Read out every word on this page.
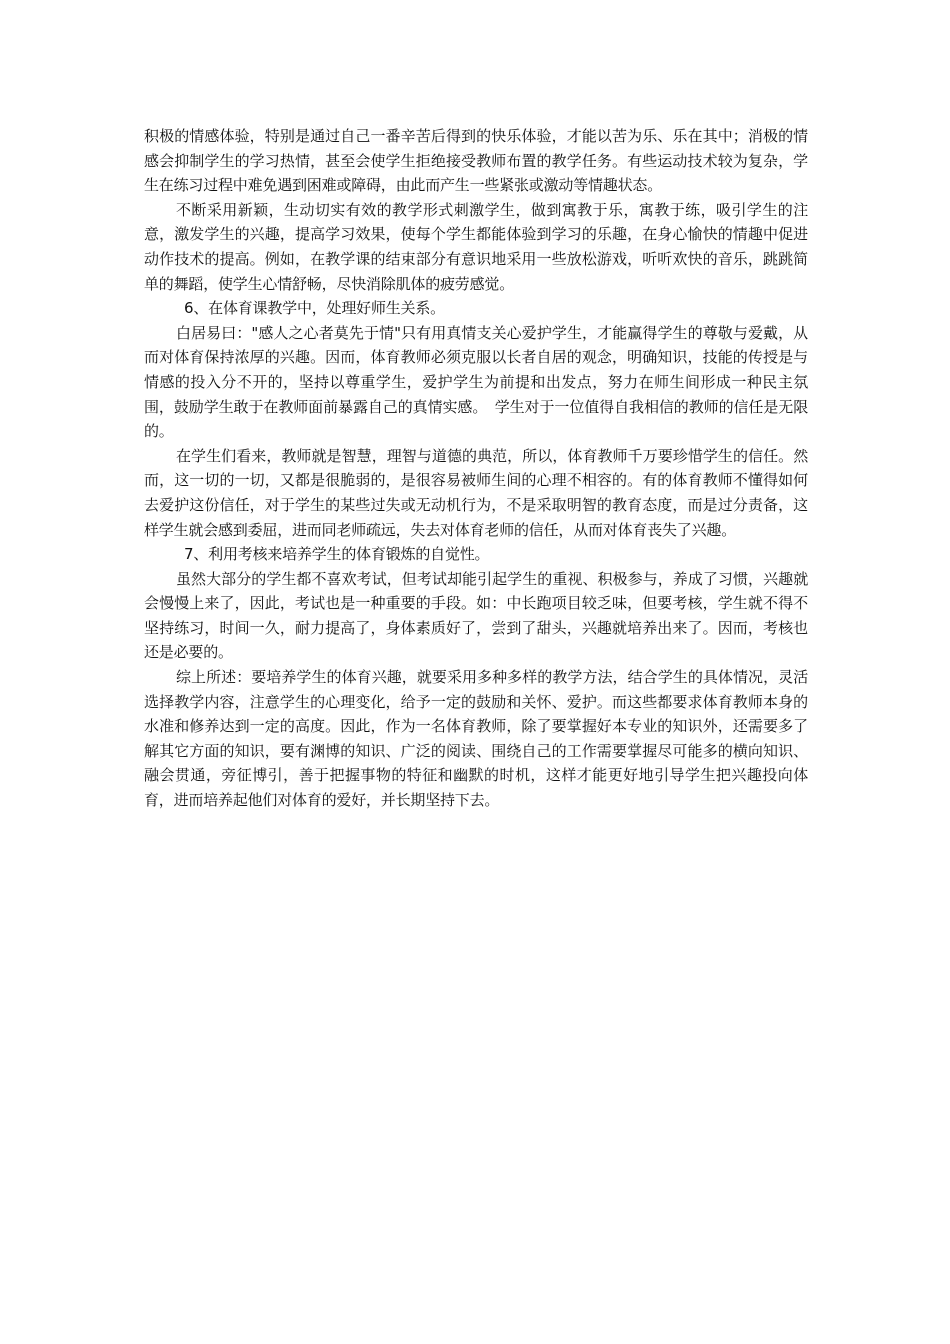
积极的情感体验，特别是通过自己一番辛苦后得到的快乐体验，才能以苦为乐、乐在其中；消极的情感会抑制学生的学习热情，甚至会使学生拒绝接受教师布置的教学任务。有些运动技术较为复杂，学生在练习过程中难免遇到困难或障碍，由此而产生一些紧张或激动等情趣状态。

不断采用新颖，生动切实有效的教学形式刺激学生，做到寓教于乐，寓教于练，吸引学生的注意，激发学生的兴趣，提高学习效果，使每个学生都能体验到学习的乐趣，在身心愉快的情趣中促进动作技术的提高。例如，在教学课的结束部分有意识地采用一些放松游戏，听听欢快的音乐，跳跳简单的舞蹈，使学生心情舒畅，尽快消除肌体的疲劳感觉。

6、在体育课教学中，处理好师生关系。

白居易曰："感人之心者莫先于情"只有用真情支关心爱护学生，才能赢得学生的尊敬与爱戴，从而对体育保持浓厚的兴趣。因而，体育教师必须克服以长者自居的观念，明确知识，技能的传授是与情感的投入分不开的，坚持以尊重学生，爱护学生为前提和出发点，努力在师生间形成一种民主氛围，鼓励学生敢于在教师面前暴露自己的真情实感。　学生对于一位值得自我相信的教师的信任是无限的。

在学生们看来，教师就是智慧，理智与道德的典范，所以，体育教师千万要珍惜学生的信任。然而，这一切的一切，又都是很脆弱的，是很容易被师生间的心理不相容的。有的体育教师不懂得如何去爱护这份信任，对于学生的某些过失或无动机行为，不是采取明智的教育态度，而是过分责备，这样学生就会感到委屈，进而同老师疏远，失去对体育老师的信任，从而对体育丧失了兴趣。

7、利用考核来培养学生的体育锻炼的自觉性。

虽然大部分的学生都不喜欢考试，但考试却能引起学生的重视、积极参与，养成了习惯，兴趣就会慢慢上来了，因此，考试也是一种重要的手段。如：中长跑项目较乏味，但要考核，学生就不得不坚持练习，时间一久，耐力提高了，身体素质好了，尝到了甜头，兴趣就培养出来了。因而，考核也还是必要的。

综上所述：要培养学生的体育兴趣，就要采用多种多样的教学方法，结合学生的具体情况，灵活选择教学内容，注意学生的心理变化，给予一定的鼓励和关怀、爱护。而这些都要求体育教师本身的水准和修养达到一定的高度。因此，作为一名体育教师，除了要掌握好本专业的知识外，还需要多了解其它方面的知识，要有渊博的知识、广泛的阅读、围绕自己的工作需要掌握尽可能多的横向知识、融会贯通，旁征博引，善于把握事物的特征和幽默的时机，这样才能更好地引导学生把兴趣投向体育，进而培养起他们对体育的爱好，并长期坚持下去。
